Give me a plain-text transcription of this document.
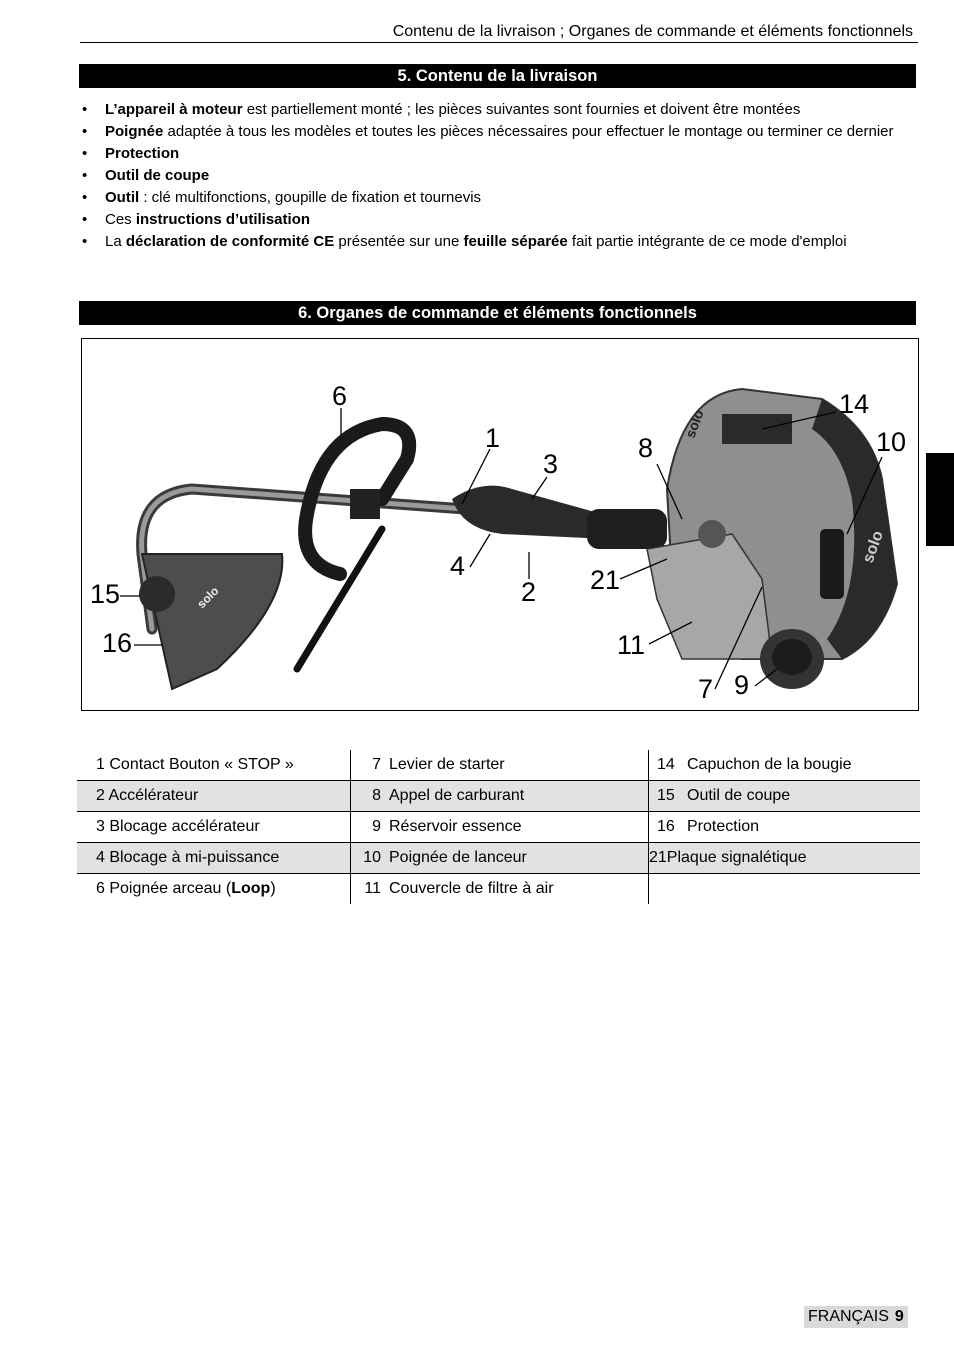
Contenu de la livraison ; Organes de commande et éléments fonctionnels
5. Contenu de la livraison
• L’appareil à moteur est partiellement monté ; les pièces suivantes sont fournies et doivent être montées
• Poignée adaptée à tous les modèles et toutes les pièces nécessaires pour effectuer le montage ou terminer ce dernier
• Protection
• Outil de coupe
• Outil : clé multifonctions, goupille de fixation et tournevis
• Ces instructions d’utilisation
• La déclaration de conformité CE présentée sur une feuille séparée fait partie intégrante de ce mode d'emploi
6. Organes de commande et éléments fonctionnels
solo
solo
solo
6
1
3
8
14
10
4
2 21
15
16	11
7 9
1 Contact Bouton « STOP »	7 Levier de starter	14 Capuchon de la bougie
2 Accélérateur	8 Appel de carburant	15 Outil de coupe
3 Blocage accélérateur	9 Réservoir essence	16 Protection
4 Blocage à mi-puissance	10 Poignée de lanceur	21Plaque signalétique
6 Poignée arceau (Loop)	11 Couvercle de filtre à air	
FRANÇAIS 9
